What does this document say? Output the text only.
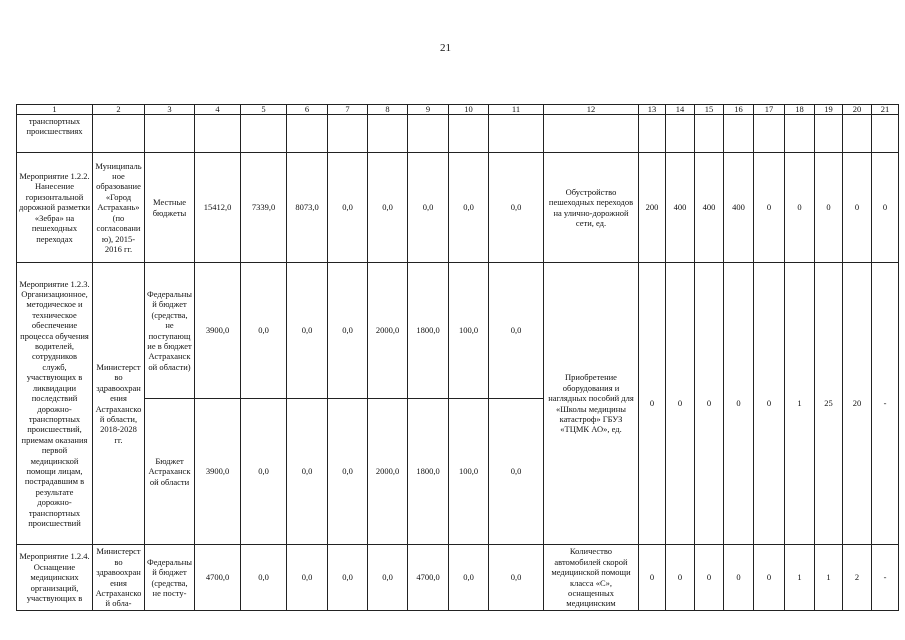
21
1	2	3	4	5	6	7	8	9	10	11	12	13	14	15	16	17	18	19	20	21
транспортных происшествиях																				
Мероприятие 1.2.2. Нанесение горизонтальной дорожной разметки «Зебра» на пешеходных переходах	Муниципальное образование «Город Астрахань» (по согласованию), 2015-2016 гг.	Местные бюджеты	15412,0	7339,0	8073,0	0,0	0,0	0,0	0,0	0,0	Обустройство пешеходных переходов на улично-дорожной сети, ед.	200	400	400	400	0	0	0	0	0
Мероприятие 1.2.3. Организационное, методическое и техническое обеспечение процесса обучения водителей, сотрудников служб, участвующих в ликвидации последствий дорожно-транспортных происшествий, приемам оказания первой медицинской помощи лицам, пострадавшим в результате дорожно-транспортных происшествий	Министерство здравоохранения Астраханской области, 2018-2028 гг.	Федеральный бюджет (средства, не поступающие в бюджет Астраханской области)	3900,0	0,0	0,0	0,0	2000,0	1800,0	100,0	0,0	Приобретение оборудования и наглядных пособий для «Школы медицины катастроф» ГБУЗ «ТЦМК АО», ед.	0	0	0	0	0	1	25	20	-
		Бюджет Астраханской области	3900,0	0,0	0,0	0,0	2000,0	1800,0	100,0	0,0										
Мероприятие 1.2.4. Оснащение медицинских организаций, участвующих в	Министерство здравоохранения Астраханской обла-	Федеральный бюджет (средства, не посту-	4700,0	0,0	0,0	0,0	0,0	4700,0	0,0	0,0	Количество автомобилей скорой медицинской помощи класса «С», оснащенных медицинским	0	0	0	0	0	1	1	2	-
